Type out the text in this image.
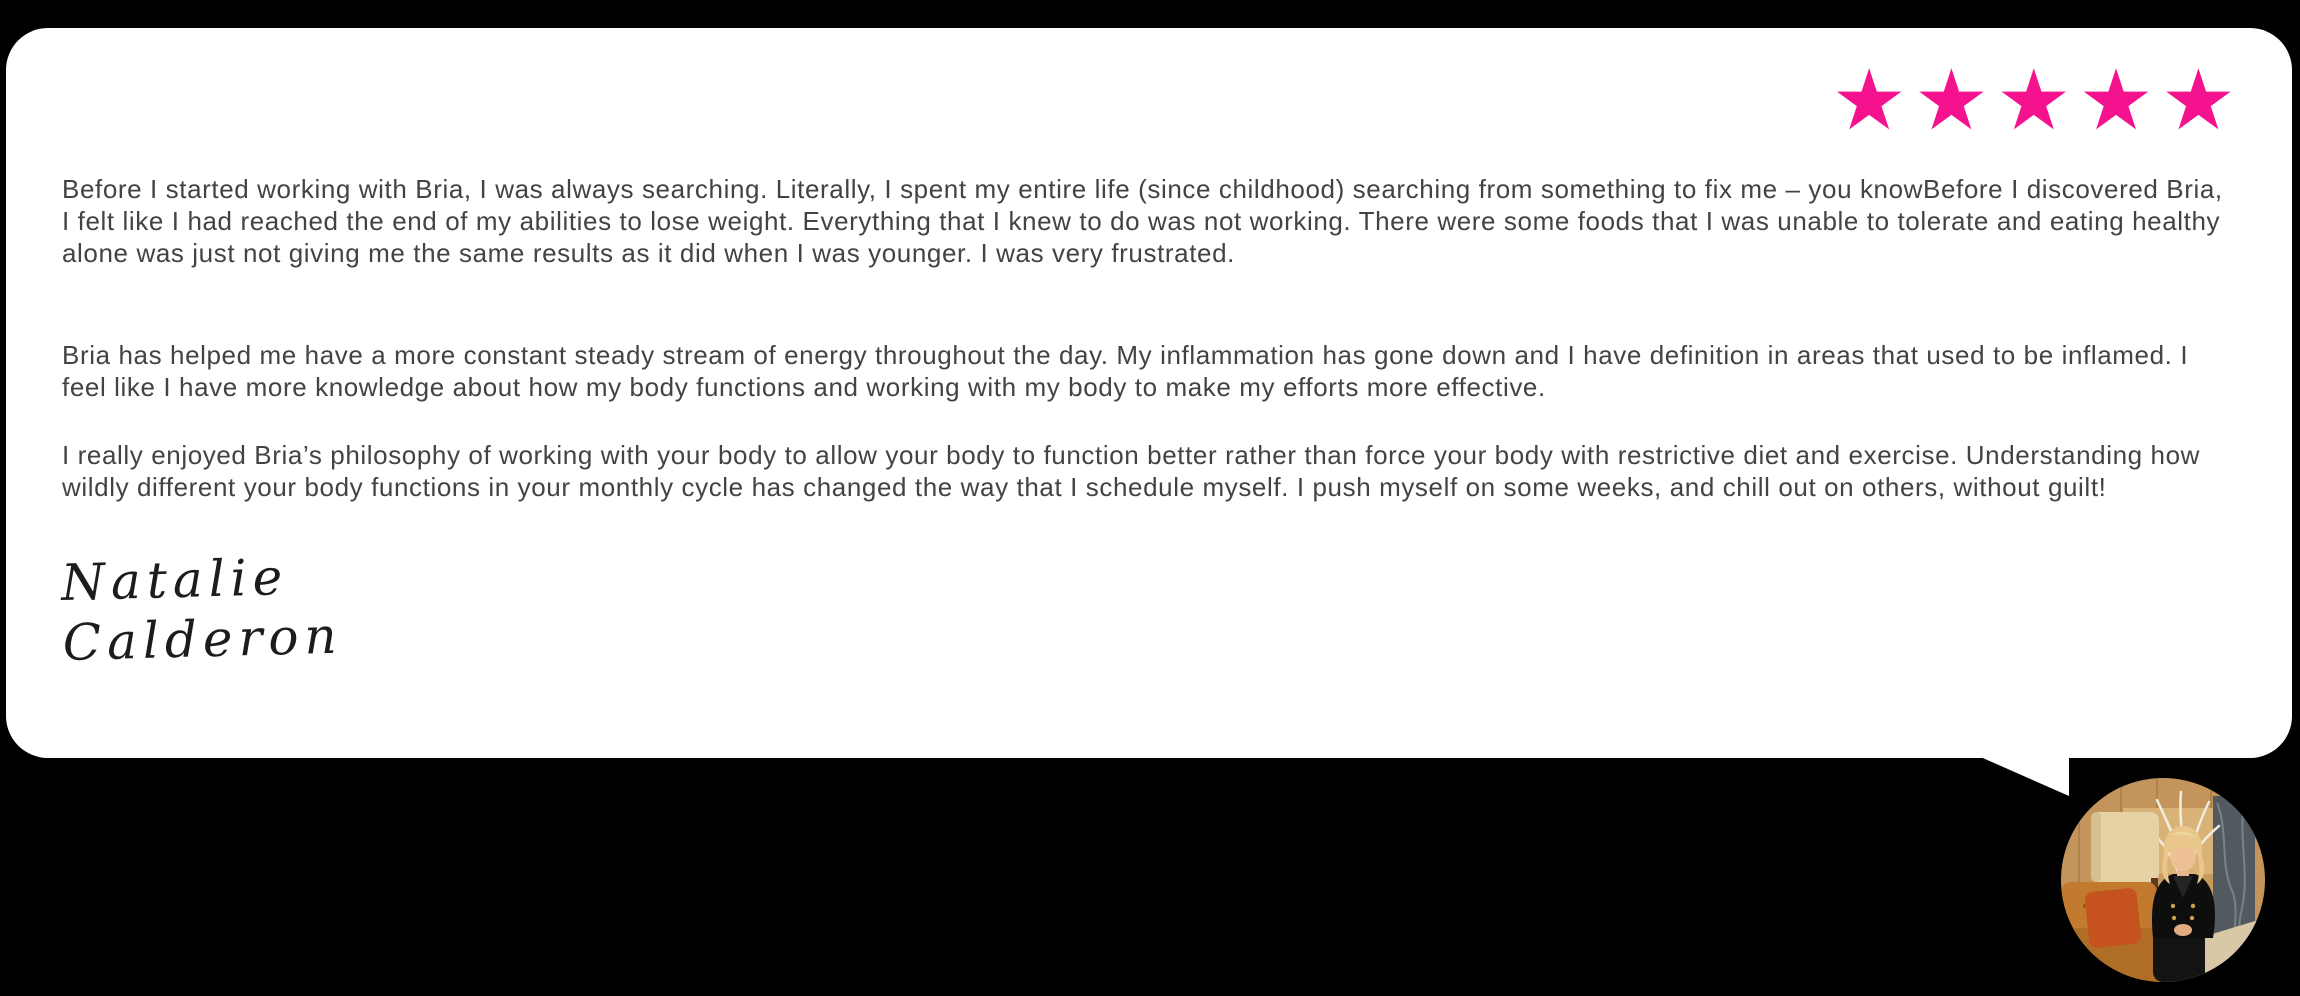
★ ★ ★ ★ ★

Before I started working with Bria, I was always searching. Literally, I spent my entire life (since childhood) searching from something to fix me – you knowBefore I discovered Bria, I felt like I had reached the end of my abilities to lose weight. Everything that I knew to do was not working. There were some foods that I was unable to tolerate and eating healthy alone was just not giving me the same results as it did when I was younger. I was very frustrated.

Bria has helped me have a more constant steady stream of energy throughout the day. My inflammation has gone down and I have definition in areas that used to be inflamed. I feel like I have more knowledge about how my body functions and working with my body to make my efforts more effective.

I really enjoyed Bria’s philosophy of working with your body to allow your body to function better rather than force your body with restrictive diet and exercise. Understanding how wildly different your body functions in your monthly cycle has changed the way that I schedule myself. I push myself on some weeks, and chill out on others, without guilt!

Natalie Calderon
